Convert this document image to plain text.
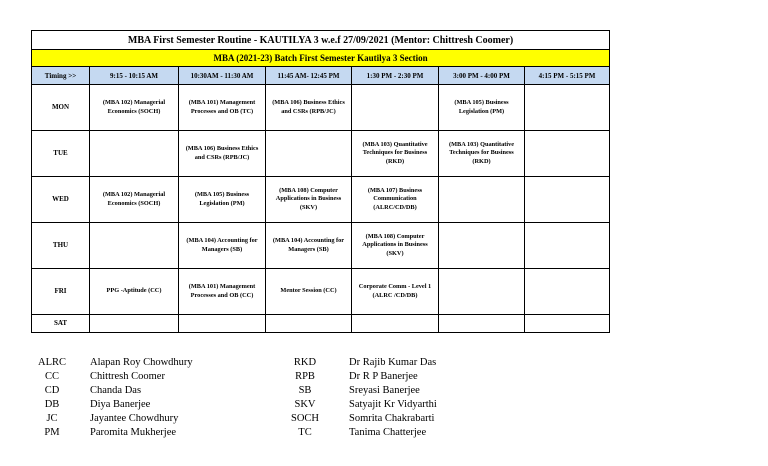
MBA First Semester Routine - KAUTILYA 3 w.e.f 27/09/2021 (Mentor: Chittresh Coomer)						
MBA (2021-23) Batch First Semester Kautilya 3 Section						
Timing >>	9:15 - 10:15 AM	10:30AM - 11:30 AM	11:45 AM- 12:45 PM	1:30 PM - 2:30 PM	3:00 PM - 4:00 PM	4:15 PM - 5:15 PM
MON	(MBA 102) Managerial Economics (SOCH)	(MBA 101) Management Processes and OB (TC)	(MBA 106) Business Ethics and CSRs (RPB/JC)		(MBA 105) Business Legislation (PM)	
TUE		(MBA 106) Business Ethics and CSRs (RPB/JC)		(MBA 103) Quantitative Techniques for Business (RKD)	(MBA 103) Quantitative Techniques for Business (RKD)	
WED	(MBA 102) Managerial Economics (SOCH)	(MBA 105) Business Legislation (PM)	(MBA 108) Computer Applications in Business (SKV)	(MBA 107) Business Communication (ALRC/CD/DB)		
THU		(MBA 104) Accounting for Managers (SB)	(MBA 104) Accounting for Managers (SB)	(MBA 108) Computer Applications in Business (SKV)		
FRI	PPG -Aptitude (CC)	(MBA 101) Management Processes and OB (CC)	Mentor Session (CC)	Corporate Comm - Level 1 (ALRC /CD/DB)		
SAT						
ALRC	Alapan Roy Chowdhury
CC	Chittresh Coomer
CD	Chanda Das
DB	Diya Banerjee
JC	Jayantee Chowdhury
PM	Paromita Mukherjee
RKD	Dr Rajib Kumar Das
RPB	Dr R P Banerjee
SB	Sreyasi Banerjee
SKV	Satyajit Kr Vidyarthi
SOCH	Somrita Chakrabarti
TC	Tanima Chatterjee
